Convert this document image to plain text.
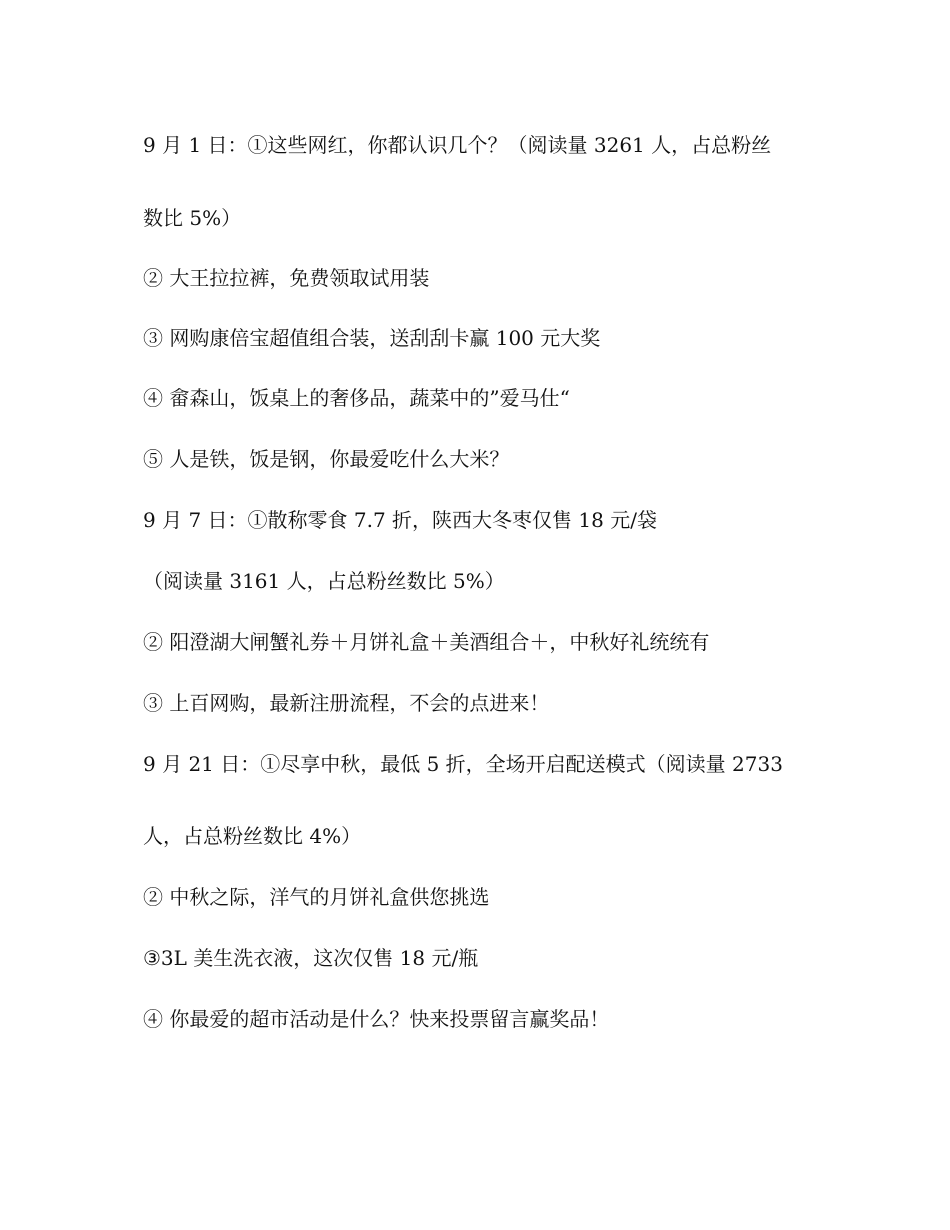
9 月 1 日：①这些网红，你都认识几个？（阅读量 3261 人，占总粉丝

数比 5%）

② 大王拉拉裤，免费领取试用装

③ 网购康倍宝超值组合装，送刮刮卡赢 100 元大奖

④ 畲森山，饭桌上的奢侈品，蔬菜中的”爱马仕“

⑤ 人是铁，饭是钢，你最爱吃什么大米？

9 月 7 日：①散称零食 7.7 折，陕西大冬枣仅售 18 元/袋

（阅读量 3161 人，占总粉丝数比 5%）

② 阳澄湖大闸蟹礼券＋月饼礼盒＋美酒组合＋，中秋好礼统统有

③ 上百网购，最新注册流程，不会的点进来！

9 月 21 日：①尽享中秋，最低 5 折，全场开启配送模式（阅读量 2733

人，占总粉丝数比 4%）

② 中秋之际，洋气的月饼礼盒供您挑选

③3L 美生洗衣液，这次仅售 18 元/瓶

④ 你最爱的超市活动是什么？快来投票留言赢奖品！
